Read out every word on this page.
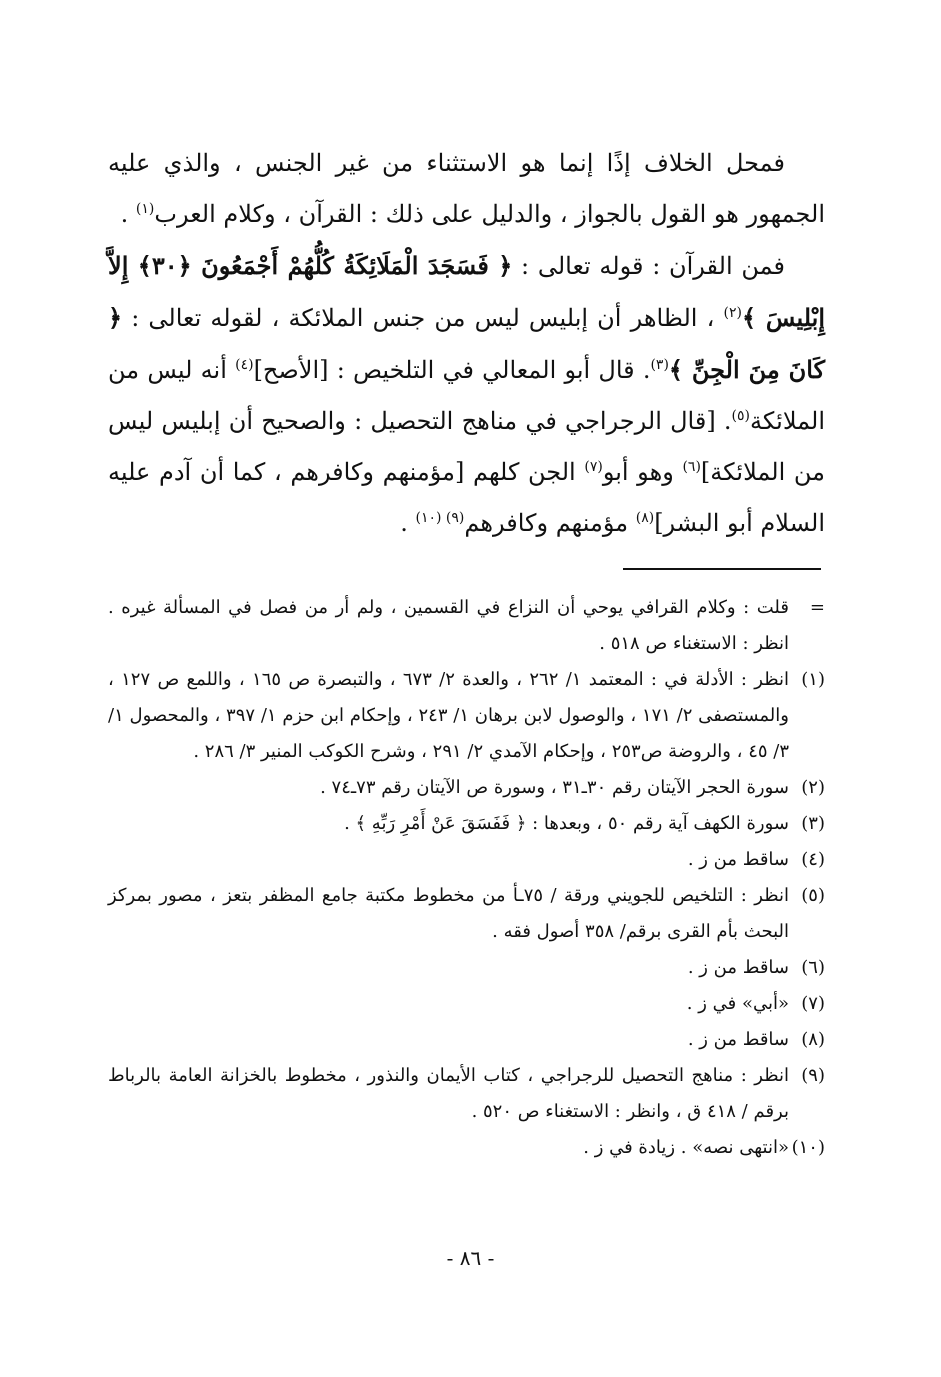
فمحل الخلاف إذًا إنما هو الاستثناء من غير الجنس ، والذي عليه الجمهور هو القول بالجواز ، والدليل على ذلك : القرآن ، وكلام العرب$^{(١)}$ .

فمن القرآن : قوله تعالى : ﴿ فَسَجَدَ الْمَلَائِكَةُ كُلُّهُمْ أَجْمَعُونَ ﴿٣٠﴾ إِلاَّ إِبْلِيسَ ﴾$^{(٢)}$ ، الظاهر أن إبليس ليس من جنس الملائكة ، لقوله تعالى : ﴿ كَانَ مِنَ الْجِنِّ ﴾$^{(٣)}$. قال أبو المعالي في التلخيص : [الأصح]$^{(٤)}$ أنه ليس من الملائكة$^{(٥)}$. [قال الرجراجي في مناهج التحصيل : والصحيح أن إبليس ليس من الملائكة]$^{(٦)}$ وهو أبو$^{(٧)}$ الجن كلهم [مؤمنهم وكافرهم ، كما أن آدم عليه السلام أبو البشر]$^{(٨)}$ مؤمنهم وكافرهم$^{(٩) (١٠)}$ .

=
قلت : وكلام القرافي يوحي أن النزاع في القسمين ، ولم أر من فصل في المسألة غيره . انظر : الاستغناء ص ٥١٨ .
(١)
انظر : الأدلة في : المعتمد ١/ ٢٦٢ ، والعدة ٢/ ٦٧٣ ، والتبصرة ص ١٦٥ ، واللمع ص ١٢٧ ، والمستصفى ٢/ ١٧١ ، والوصول لابن برهان ١/ ٢٤٣ ، وإحكام ابن حزم ١/ ٣٩٧ ، والمحصول ١/ ٣/ ٤٥ ، والروضة ص٢٥٣ ، وإحكام الآمدي ٢/ ٢٩١ ، وشرح الكوكب المنير ٣/ ٢٨٦ .
(٢)
سورة الحجر الآيتان رقم ٣٠ـ٣١ ، وسورة ص الآيتان رقم ٧٣ـ٧٤ .
(٣)
سورة الكهف آية رقم ٥٠ ، وبعدها : ﴿ فَفَسَقَ عَنْ أَمْرِ رَبِّهِ ﴾ .
(٤)
ساقط من ز .
(٥)
انظر : التلخيص للجويني ورقة / ٧٥ـأ من مخطوط مكتبة جامع المظفر بتعز ، مصور بمركز البحث بأم القرى برقم/ ٣٥٨ أصول فقه .
(٦)
ساقط من ز .
(٧)
«أبي» في ز .
(٨)
ساقط من ز .
(٩)
انظر : مناهج التحصيل للرجراجي ، كتاب الأيمان والنذور ، مخطوط بالخزانة العامة بالرباط برقم / ٤١٨ ق ، وانظر : الاستغناء ص ٥٢٠ .
(١٠)
«انتهى نصه» . زيادة في ز .
- ٨٦ -
